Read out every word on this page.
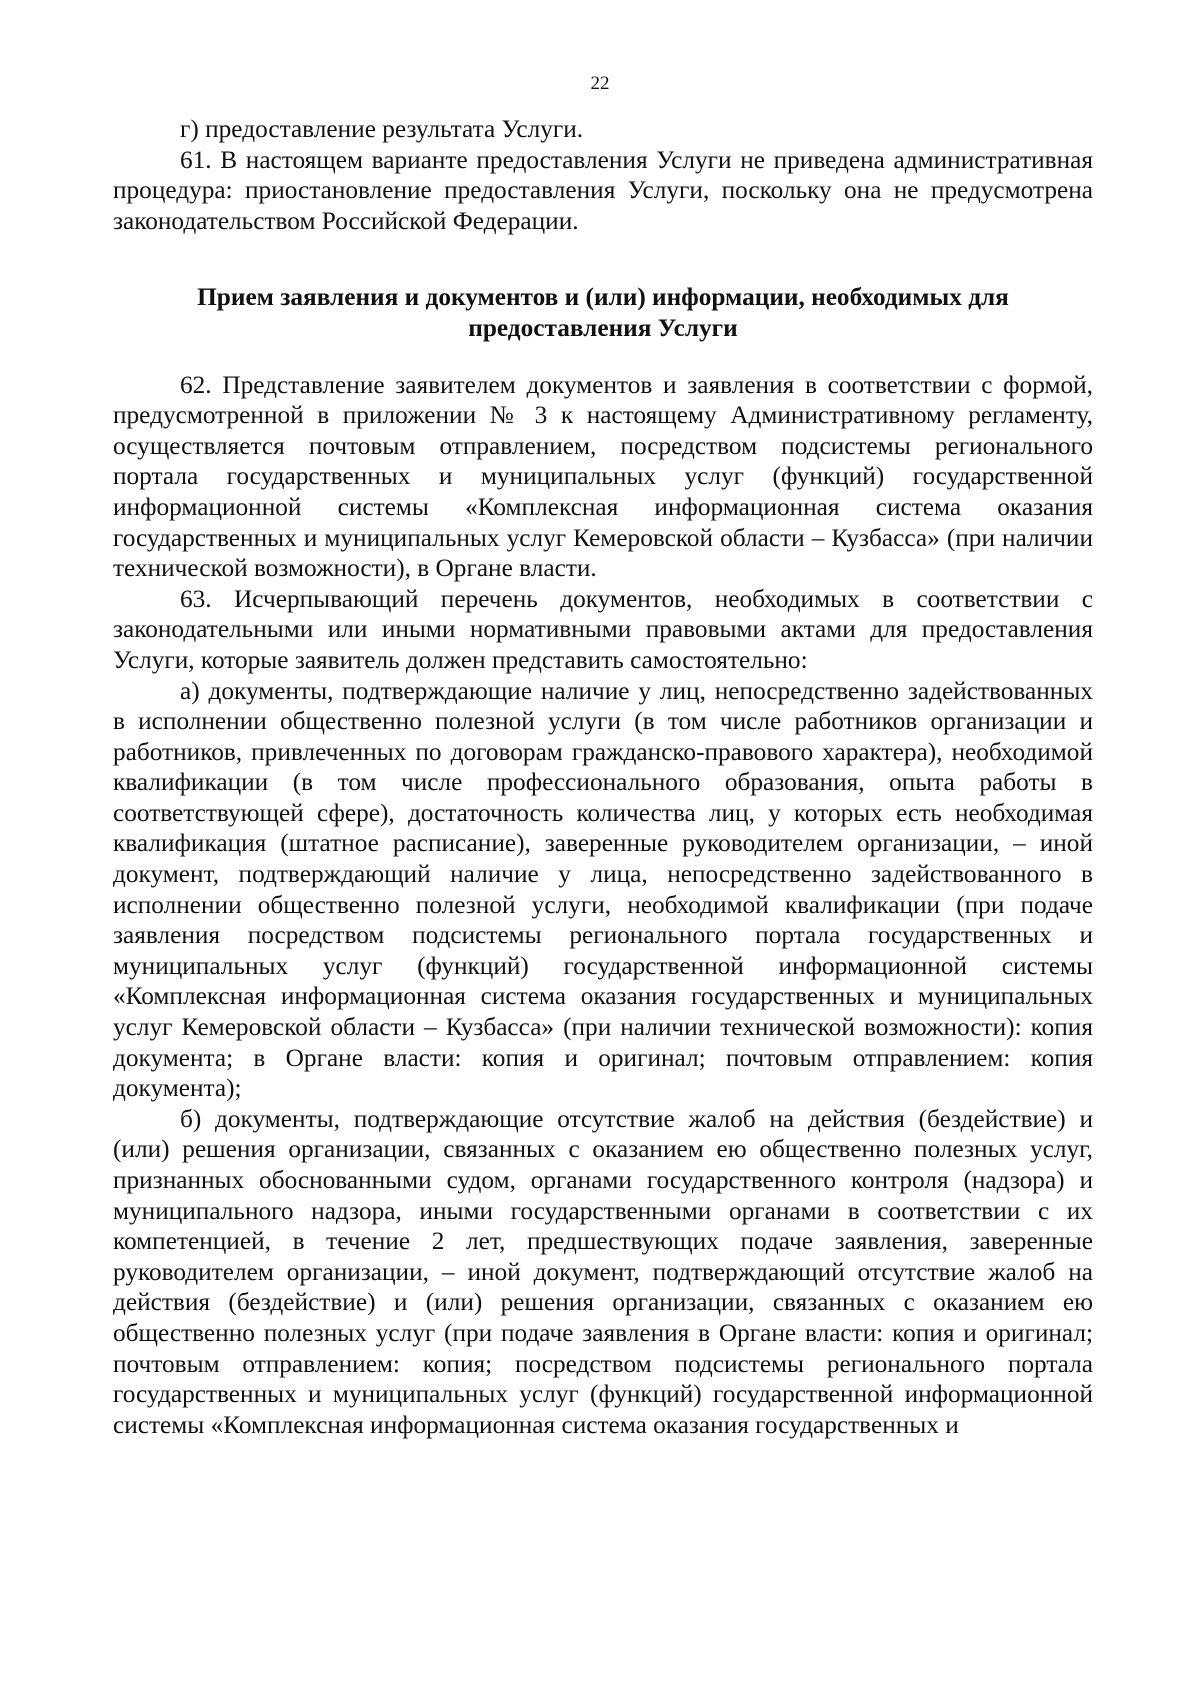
22

г) предоставление результата Услуги.

61. В настоящем варианте предоставления Услуги не приведена административная процедура: приостановление предоставления Услуги, поскольку она не предусмотрена законодательством Российской Федерации.

Прием заявления и документов и (или) информации, необходимых для
предоставления Услуги

62. Представление заявителем документов и заявления в соответствии с формой, предусмотренной в приложении № 3 к настоящему Административному регламенту, осуществляется почтовым отправлением, посредством подсистемы регионального портала государственных и муниципальных услуг (функций) государственной информационной системы «Комплексная информационная система оказания государственных и муниципальных услуг Кемеровской области – Кузбасса» (при наличии технической возможности), в Органе власти.

63. Исчерпывающий перечень документов, необходимых в соответствии с законодательными или иными нормативными правовыми актами для предоставления Услуги, которые заявитель должен представить самостоятельно:

а) документы, подтверждающие наличие у лиц, непосредственно задействованных в исполнении общественно полезной услуги (в том числе работников организации и работников, привлеченных по договорам гражданско-правового характера), необходимой квалификации (в том числе профессионального образования, опыта работы в соответствующей сфере), достаточность количества лиц, у которых есть необходимая квалификация (штатное расписание), заверенные руководителем организации, – иной документ, подтверждающий наличие у лица, непосредственно задействованного в исполнении общественно полезной услуги, необходимой квалификации (при подаче заявления посредством подсистемы регионального портала государственных и муниципальных услуг (функций) государственной информационной системы «Комплексная информационная система оказания государственных и муниципальных услуг Кемеровской области – Кузбасса» (при наличии технической возможности): копия документа; в Органе власти: копия и оригинал; почтовым отправлением: копия документа);

б) документы, подтверждающие отсутствие жалоб на действия (бездействие) и (или) решения организации, связанных с оказанием ею общественно полезных услуг, признанных обоснованными судом, органами государственного контроля (надзора) и муниципального надзора, иными государственными органами в соответствии с их компетенцией, в течение 2 лет, предшествующих подаче заявления, заверенные руководителем организации, – иной документ, подтверждающий отсутствие жалоб на действия (бездействие) и (или) решения организации, связанных с оказанием ею общественно полезных услуг (при подаче заявления в Органе власти: копия и оригинал; почтовым отправлением: копия; посредством подсистемы регионального портала государственных и муниципальных услуг (функций) государственной информационной системы «Комплексная информационная система оказания государственных и
